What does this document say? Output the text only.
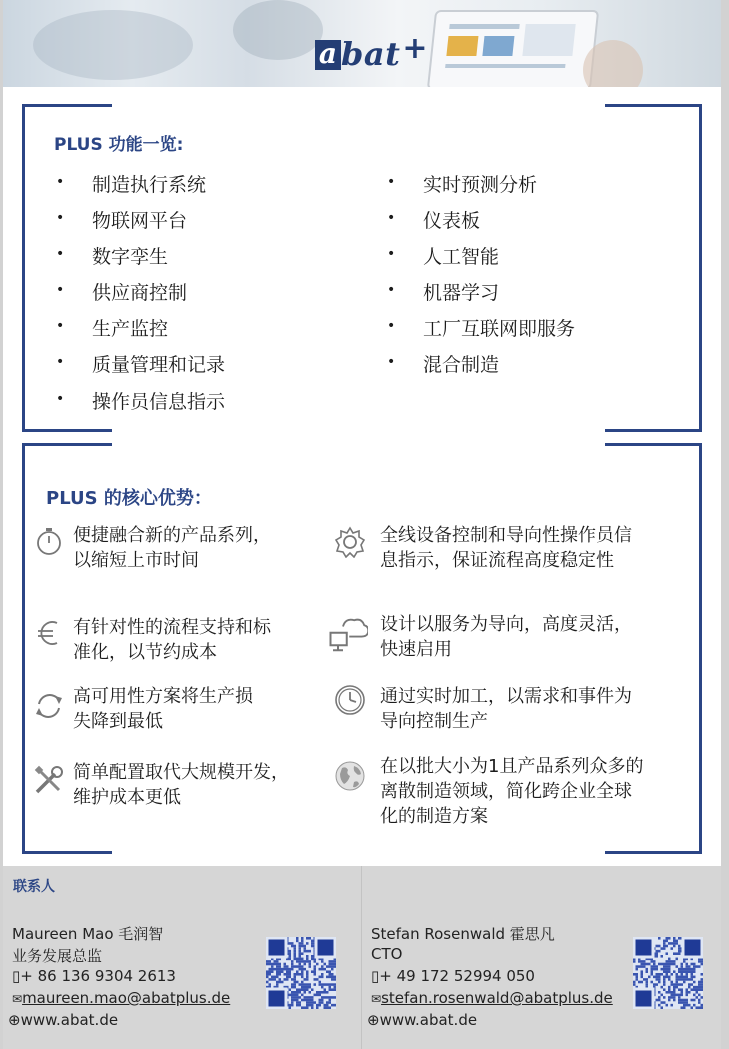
a bat +
PLUS 功能一览:
• 制造执行系统
• 物联网平台
• 数字孪生
• 供应商控制
• 生产监控
• 质量管理和记录
• 操作员信息指示
• 实时预测分析
• 仪表板
• 人工智能
• 机器学习
• 工厂互联网即服务
• 混合制造
PLUS 的核心优势：
便捷融合新的产品系列，
以缩短上市时间
全线设备控制和导向性操作员信
息指示，保证流程高度稳定性
有针对性的流程支持和标
准化，以节约成本
设计以服务为导向，高度灵活，
快速启用
高可用性方案将生产损
失降到最低
通过实时加工，以需求和事件为
导向控制生产
简单配置取代大规模开发，
维护成本更低
在以批大小为1且产品系列众多的
离散制造领域，简化跨企业全球
化的制造方案
联系人
Maureen Mao 毛润智
业务发展总监
▯+ 86 136 9304 2613
✉maureen.mao@abatplus.de
⊕www.abat.de
Stefan Rosenwald 霍思凡
CTO
▯+ 49 172 52994 050
✉stefan.rosenwald@abatplus.de
⊕www.abat.de
